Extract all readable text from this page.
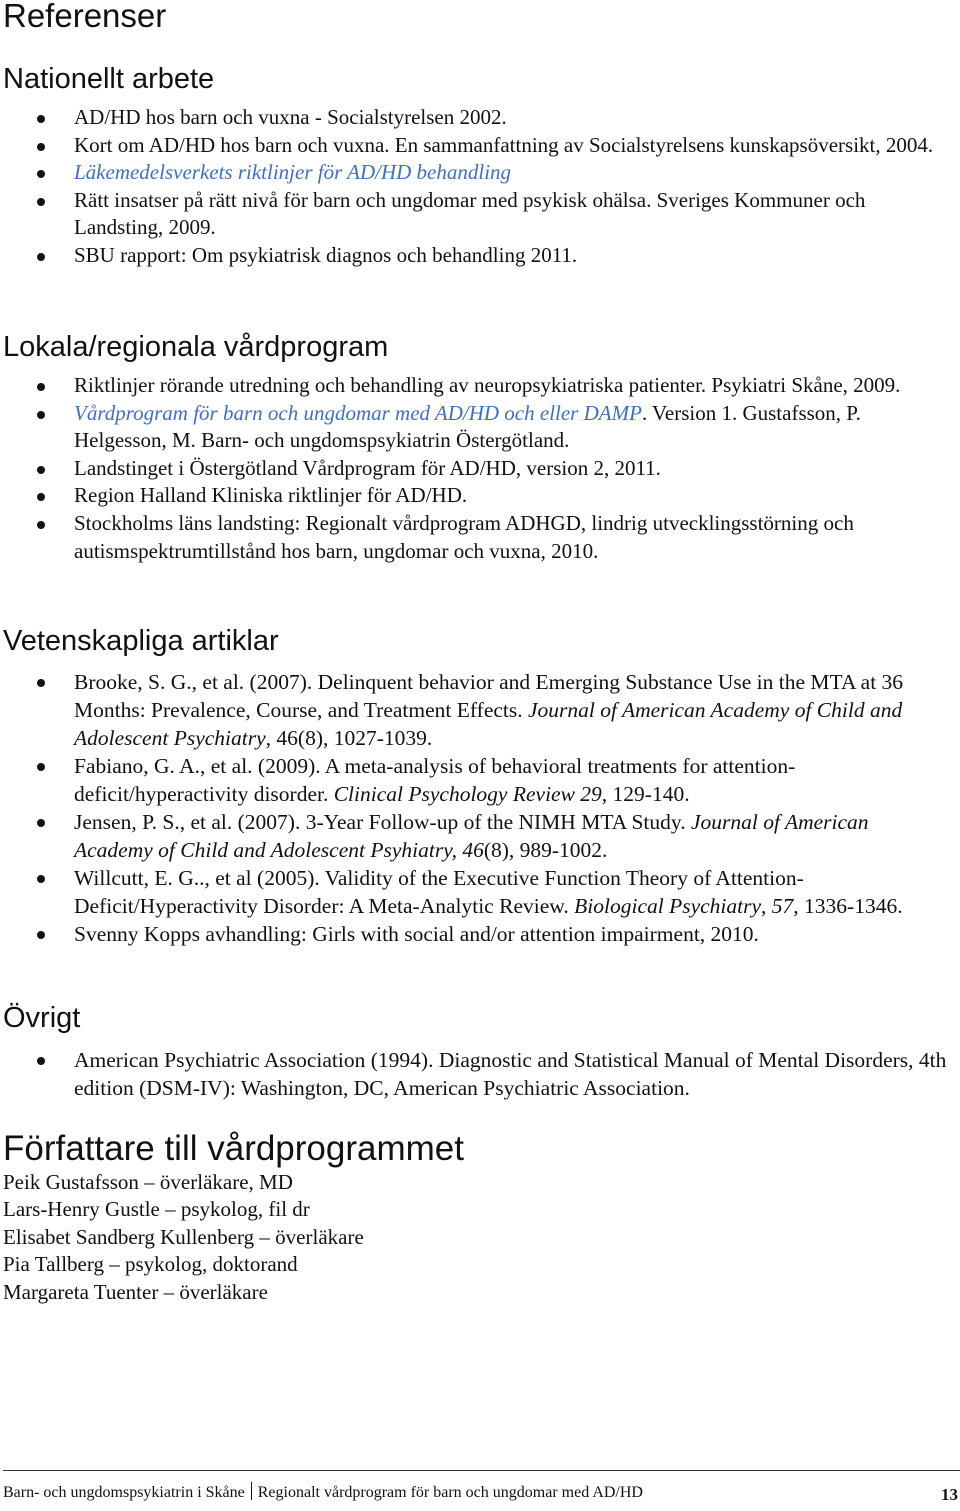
Referenser
Nationellt arbete
AD/HD hos barn och vuxna - Socialstyrelsen 2002.
Kort om AD/HD hos barn och vuxna. En sammanfattning av Socialstyrelsens kunskapsöversikt, 2004.
Läkemedelsverkets riktlinjer för AD/HD behandling
Rätt insatser på rätt nivå för barn och ungdomar med psykisk ohälsa. Sveriges Kommuner och Landsting, 2009.
SBU rapport: Om psykiatrisk diagnos och behandling 2011.
Lokala/regionala vårdprogram
Riktlinjer rörande utredning och behandling av neuropsykiatriska patienter. Psykiatri Skåne, 2009.
Vårdprogram för barn och ungdomar med AD/HD och eller DAMP. Version 1. Gustafsson, P. Helgesson, M. Barn- och ungdomspsykiatrin Östergötland.
Landstinget i Östergötland Vårdprogram för AD/HD, version 2, 2011.
Region Halland Kliniska riktlinjer för AD/HD.
Stockholms läns landsting: Regionalt vårdprogram ADHGD, lindrig utvecklingsstörning och autismspektrumtillstånd hos barn, ungdomar och vuxna, 2010.
Vetenskapliga artiklar
Brooke, S. G., et al. (2007). Delinquent behavior and Emerging Substance Use in the MTA at 36 Months: Prevalence, Course, and Treatment Effects. Journal of American Academy of Child and Adolescent Psychiatry, 46(8), 1027-1039.
Fabiano, G. A., et al. (2009). A meta-analysis of behavioral treatments for attention-deficit/hyperactivity disorder. Clinical Psychology Review 29, 129-140.
Jensen, P. S., et al. (2007). 3-Year Follow-up of the NIMH MTA Study. Journal of American Academy of Child and Adolescent Psyhiatry, 46(8), 989-1002.
Willcutt, E. G.., et al (2005). Validity of the Executive Function Theory of Attention-Deficit/Hyperactivity Disorder: A Meta-Analytic Review. Biological Psychiatry, 57, 1336-1346.
Svenny Kopps avhandling: Girls with social and/or attention impairment, 2010.
Övrigt
American Psychiatric Association (1994). Diagnostic and Statistical Manual of Mental Disorders, 4th edition (DSM-IV): Washington, DC, American Psychiatric Association.
Författare till vårdprogrammet
Peik Gustafsson – överläkare, MD
Lars-Henry Gustle – psykolog, fil dr
Elisabet Sandberg Kullenberg – överläkare
Pia Tallberg – psykolog, doktorand
Margareta Tuenter – överläkare
Barn- och ungdomspsykiatrin i Skåne Regionalt vårdprogram för barn och ungdomar med AD/HD	13
